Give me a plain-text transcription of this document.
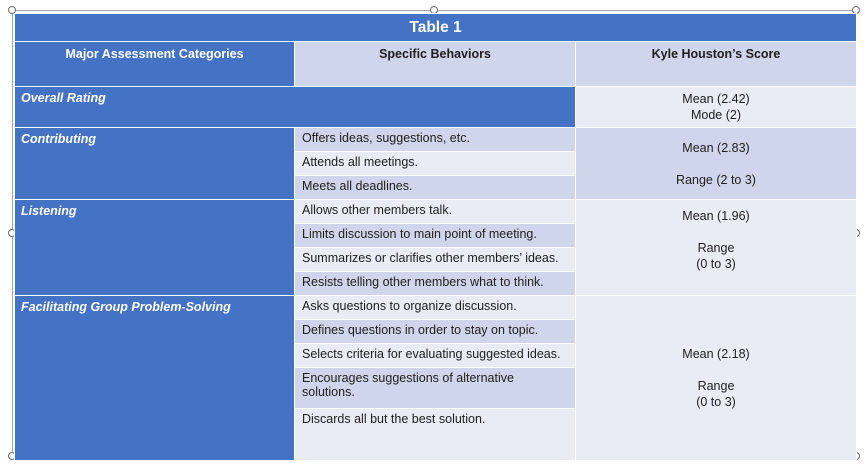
Table 1		
Major Assessment Categories	Specific Behaviors	Kyle Houston’s Score
Overall Rating		Mean (2.42)
Mode (2)

Contributing	Offers ideas, suggestions, etc.	Mean (2.83)
Range (2 to 3)

	Attends all meetings.	
	Meets all deadlines.	
Listening	Allows other members talk.	Mean (1.96)
Range
(0 to 3)

	Limits discussion to main point of meeting.	
	Summarizes or clarifies other members’ ideas.	
	Resists telling other members what to think.	
Facilitating Group Problem-Solving	Asks questions to organize discussion.	Mean (2.18)
Range
(0 to 3)

	Defines questions in order to stay on topic.	
	Selects criteria for evaluating suggested ideas.	
	Encourages suggestions of alternative solutions.	
	Discards all but the best solution.	
